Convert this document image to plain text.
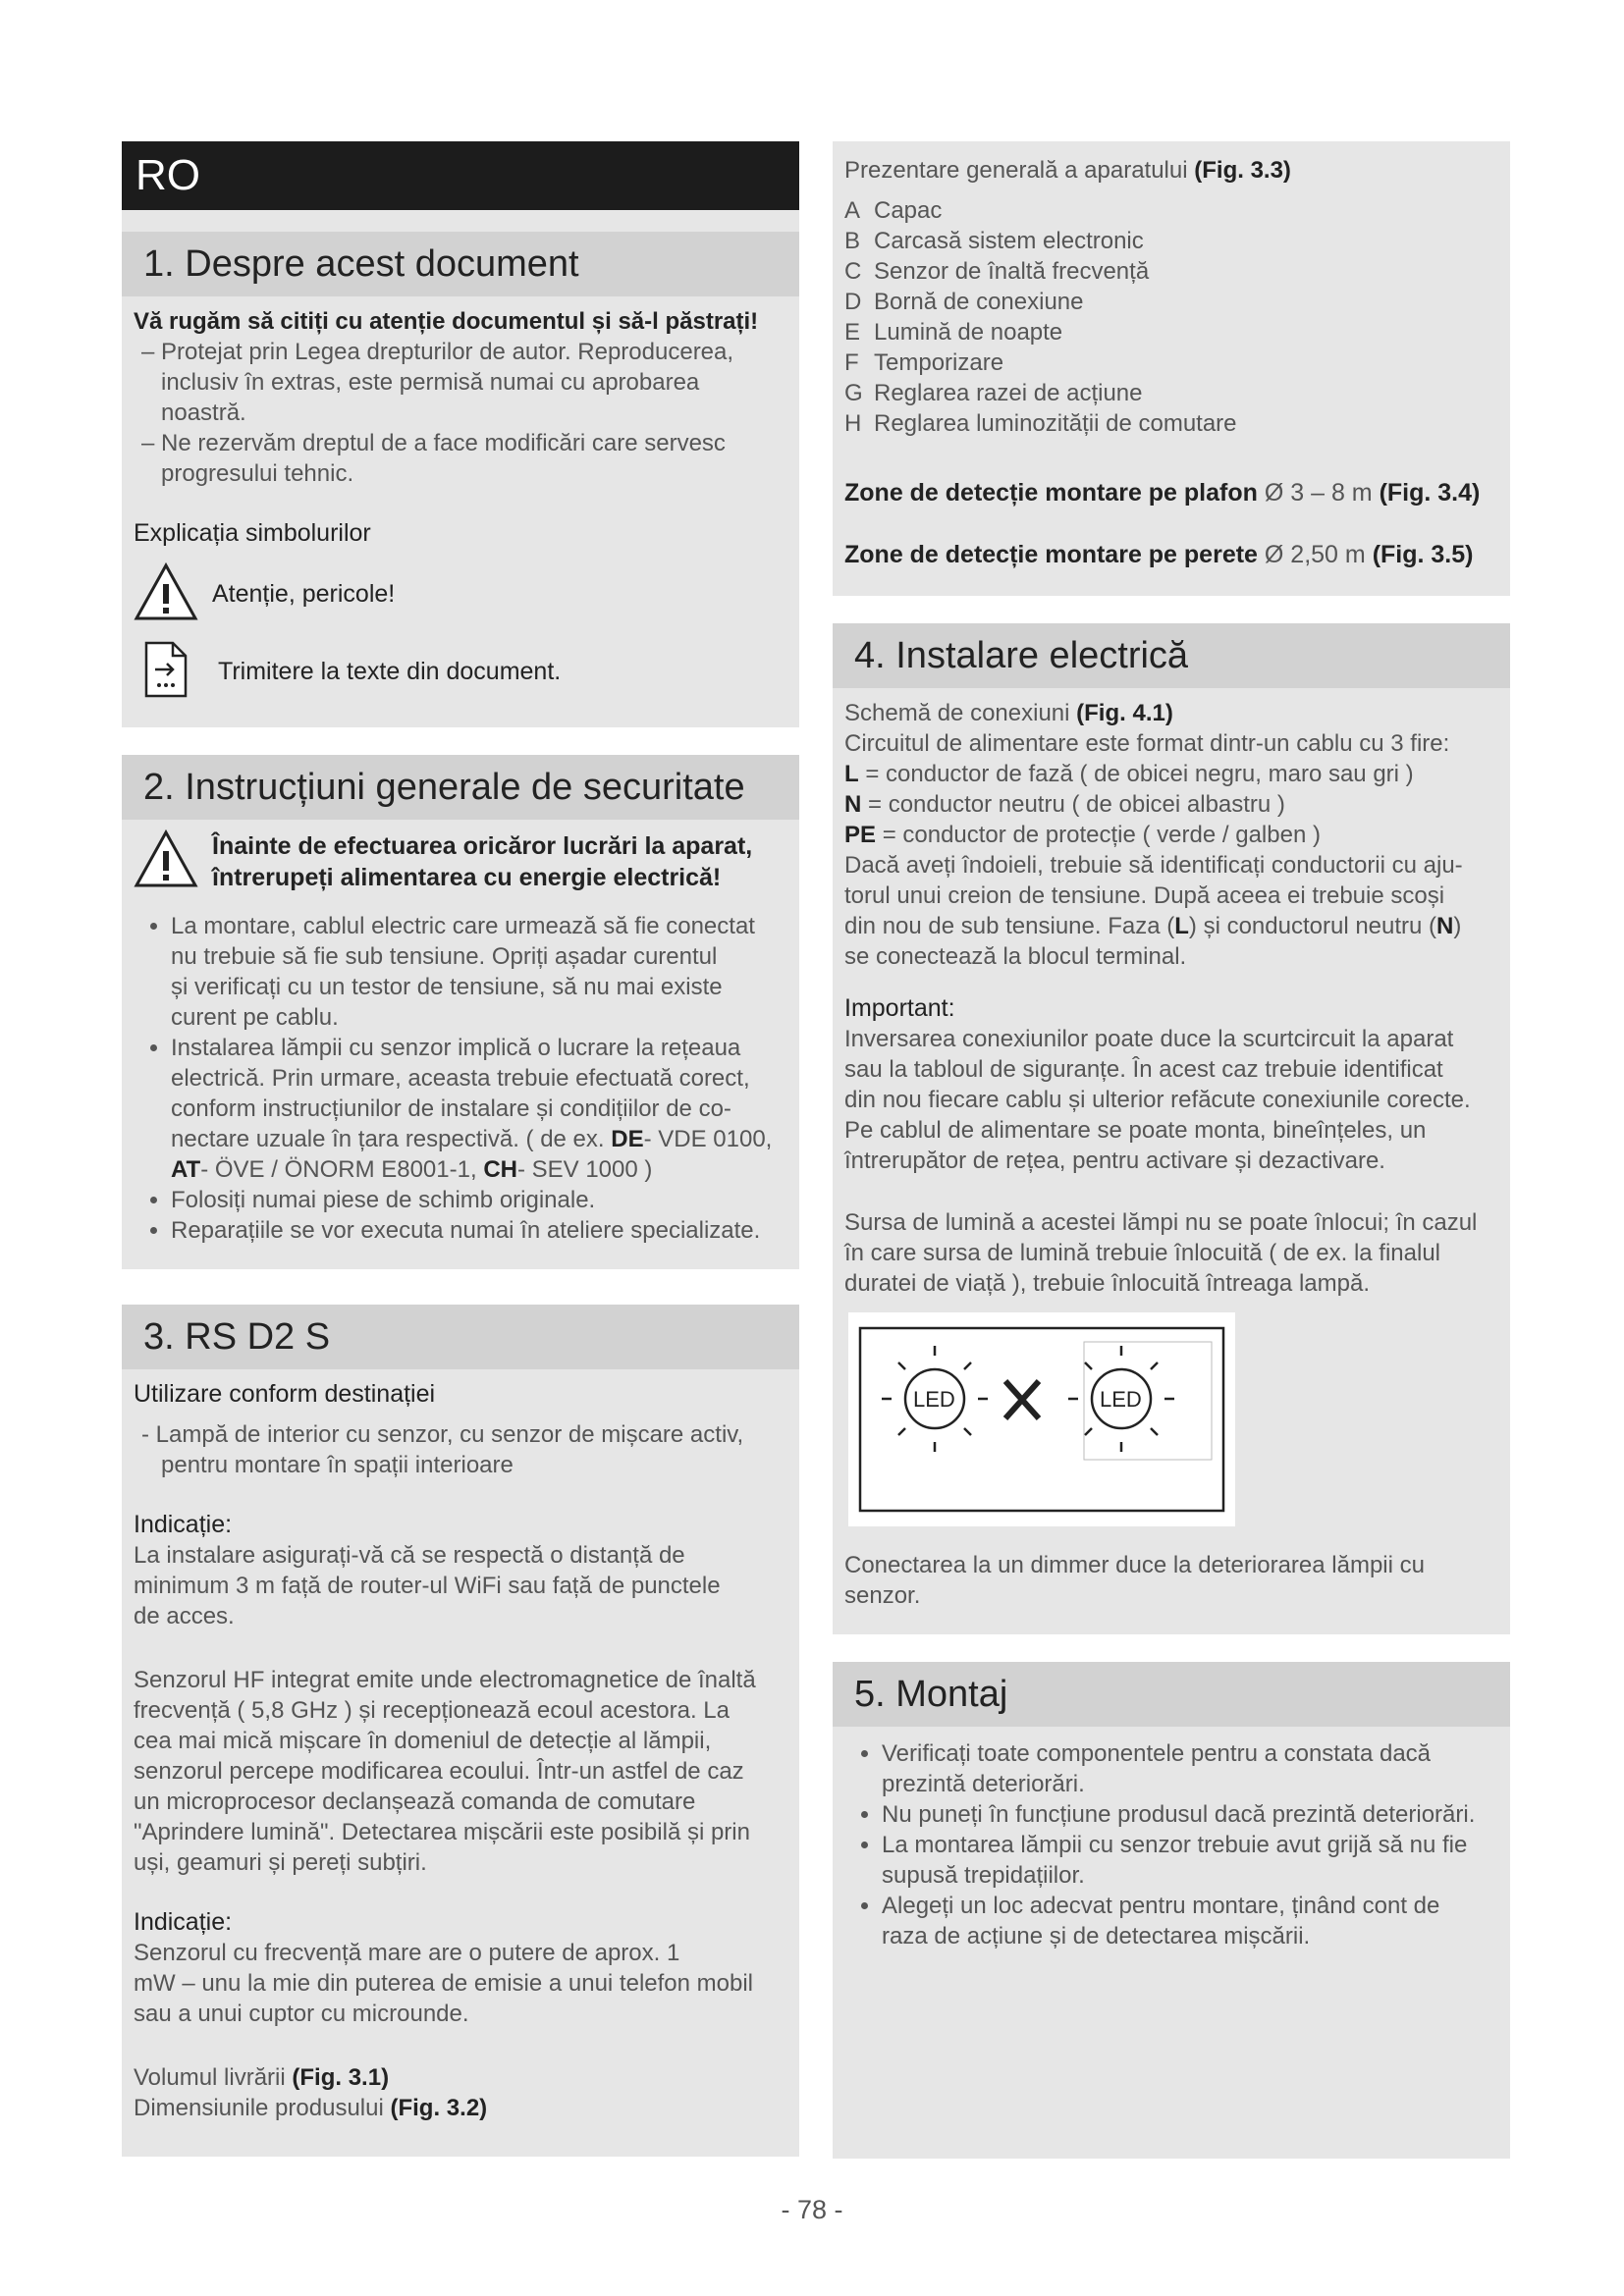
RO
1. Despre acest document

Vă rugăm să citiți cu atenție documentul și să-l păstrați!

– Protejat prin Legea drepturilor de autor. Reproducerea,

inclusiv în extras, este permisă numai cu aprobarea

noastră.

– Ne rezervăm dreptul de a face modificări care servesc

progresului tehnic.

Explicația simbolurilor

Atenție, pericole!
Trimitere la texte din document.
2. Instrucțiuni generale de securitate
Înainte de efectuarea oricăror lucrări la aparat,
întrerupeți alimentarea cu energie electrică!
• La montare, cablul electric care urmează să fie conectat
nu trebuie să fie sub tensiune. Opriți așadar curentul
și verificați cu un testor de tensiune, să nu mai existe
curent pe cablu.
• Instalarea lămpii cu senzor implică o lucrare la rețeaua
electrică. Prin urmare, aceasta trebuie efectuată corect,
conform instrucțiunilor de instalare și condițiilor de co-
nectare uzuale în țara respectivă. ( de ex. DE- VDE 0100,
AT- ÖVE / ÖNORM E8001-1, CH- SEV 1000 )
• Folosiți numai piese de schimb originale.
• Reparațiile se vor executa numai în ateliere specializate.
3. RS D2 S

Utilizare conform destinației

- Lampă de interior cu senzor, cu senzor de mișcare activ,

pentru montare în spații interioare

Indicație:

La instalare asigurați-vă că se respectă o distanță de

minimum 3 m față de router-ul WiFi sau față de punctele

de acces.

Senzorul HF integrat emite unde electromagnetice de înaltă

frecvență ( 5,8 GHz ) și recepționează ecoul acestora. La

cea mai mică mișcare în domeniul de detecție al lămpii,

senzorul percepe modificarea ecoului. Într-un astfel de caz

un microprocesor declanșează comanda de comutare

"Aprindere lumină". Detectarea mișcării este posibilă și prin

uși, geamuri și pereți subțiri.

Indicație:

Senzorul cu frecvență mare are o putere de aprox. 1

mW – unu la mie din puterea de emisie a unui telefon mobil

sau a unui cuptor cu microunde.

Volumul livrării (Fig. 3.1)

Dimensiunile produsului (Fig. 3.2)

Prezentare generală a aparatului (Fig. 3.3)

A Capac
B Carcasă sistem electronic
C Senzor de înaltă frecvență
D Bornă de conexiune
E Lumină de noapte
F Temporizare
G Reglarea razei de acțiune
H Reglarea luminozității de comutare

Zone de detecție montare pe plafon Ø 3 – 8 m (Fig. 3.4)

Zone de detecție montare pe perete Ø 2,50 m (Fig. 3.5)

4. Instalare electrică

Schemă de conexiuni (Fig. 4.1)

Circuitul de alimentare este format dintr-un cablu cu 3 fire:

L = conductor de fază ( de obicei negru, maro sau gri )

N = conductor neutru ( de obicei albastru )

PE = conductor de protecție ( verde / galben )

Dacă aveți îndoieli, trebuie să identificați conductorii cu aju-

torul unui creion de tensiune. După aceea ei trebuie scoși

din nou de sub tensiune. Faza (L) și conductorul neutru (N)

se conectează la blocul terminal.

Important:

Inversarea conexiunilor poate duce la scurtcircuit la aparat

sau la tabloul de siguranțe. În acest caz trebuie identificat

din nou fiecare cablu și ulterior refăcute conexiunile corecte.

Pe cablul de alimentare se poate monta, bineînțeles, un

întrerupător de rețea, pentru activare și dezactivare.

Sursa de lumină a acestei lămpi nu se poate înlocui; în cazul

în care sursa de lumină trebuie înlocuită ( de ex. la finalul

duratei de viață ), trebuie înlocuită întreaga lampă.

LED	LED

Conectarea la un dimmer duce la deteriorarea lămpii cu

senzor.

5. Montaj
• Verificați toate componentele pentru a constata dacă
prezintă deteriorări.
• Nu puneți în funcțiune produsul dacă prezintă deteriorări.
• La montarea lămpii cu senzor trebuie avut grijă să nu fie
supusă trepidațiilor.
• Alegeți un loc adecvat pentru montare, ținând cont de
raza de acțiune și de detectarea mișcării.
- 78 -
